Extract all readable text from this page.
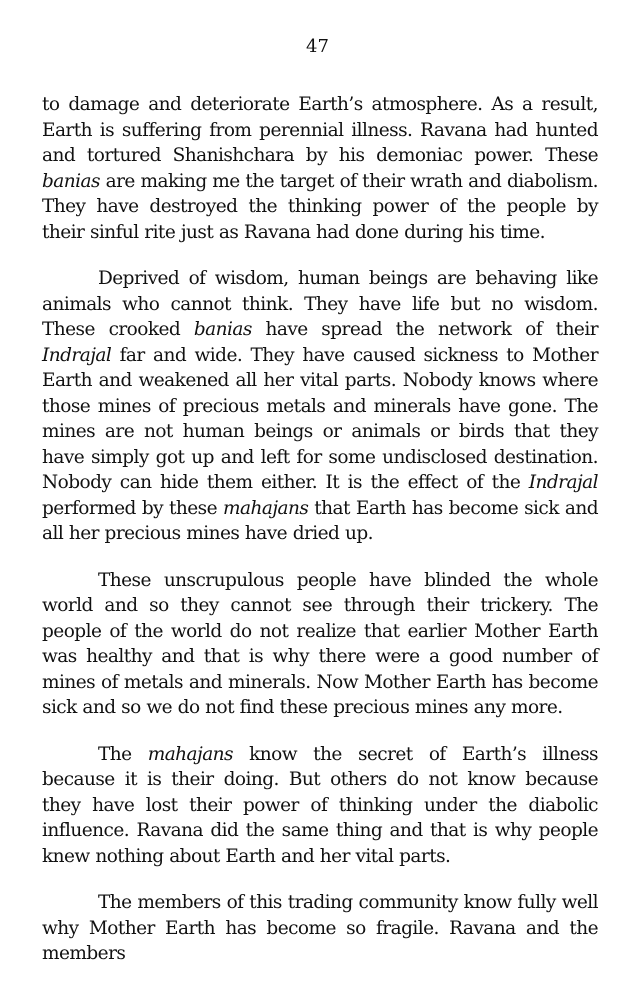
47

to damage and deteriorate Earth’s atmosphere. As a result, Earth is suffering from perennial illness. Ravana had hunted and tortured Shanishchara by his demoniac power. These banias are making me the target of their wrath and diabolism. They have destroyed the thinking power of the people by their sinful rite just as Ravana had done during his time.

Deprived of wisdom, human beings are behaving like animals who cannot think. They have life but no wisdom. These crooked banias have spread the network of their Indrajal far and wide. They have caused sickness to Mother Earth and weakened all her vital parts. Nobody knows where those mines of precious metals and minerals have gone. The mines are not human beings or animals or birds that they have simply got up and left for some undisclosed destination. Nobody can hide them either. It is the effect of the Indrajal performed by these mahajans that Earth has become sick and all her precious mines have dried up.

These unscrupulous people have blinded the whole world and so they cannot see through their trickery. The people of the world do not realize that earlier Mother Earth was healthy and that is why there were a good number of mines of metals and minerals. Now Mother Earth has become sick and so we do not find these precious mines any more.

The mahajans know the secret of Earth’s illness because it is their doing. But others do not know because they have lost their power of thinking under the diabolic influence. Ravana did the same thing and that is why people knew nothing about Earth and her vital parts.

The members of this trading community know fully well why Mother Earth has become so fragile. Ravana and the members
